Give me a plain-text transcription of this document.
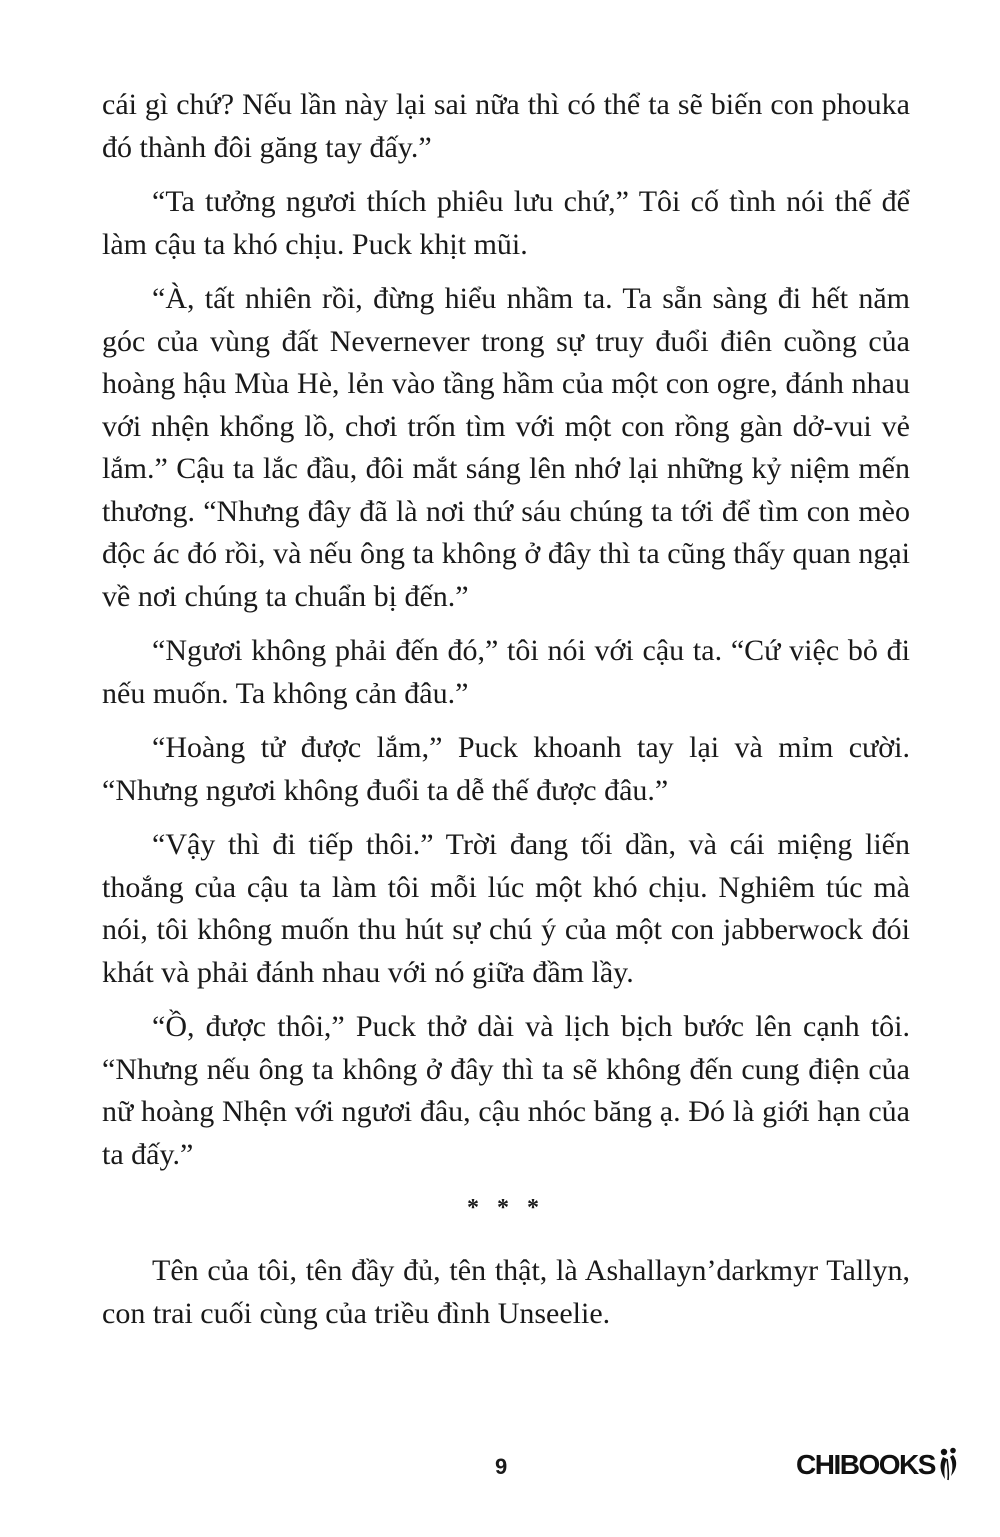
cái gì chứ? Nếu lần này lại sai nữa thì có thể ta sẽ biến con phouka đó thành đôi găng tay đấy.”

“Ta tưởng ngươi thích phiêu lưu chứ,” Tôi cố tình nói thế để làm cậu ta khó chịu. Puck khịt mũi.

“À, tất nhiên rồi, đừng hiểu nhầm ta. Ta sẵn sàng đi hết năm góc của vùng đất Nevernever trong sự truy đuổi điên cuồng của hoàng hậu Mùa Hè, lẻn vào tầng hầm của một con ogre, đánh nhau với nhện khổng lồ, chơi trốn tìm với một con rồng gàn dở-vui vẻ lắm.” Cậu ta lắc đầu, đôi mắt sáng lên nhớ lại những kỷ niệm mến thương. “Nhưng đây đã là nơi thứ sáu chúng ta tới để tìm con mèo độc ác đó rồi, và nếu ông ta không ở đây thì ta cũng thấy quan ngại về nơi chúng ta chuẩn bị đến.”

“Ngươi không phải đến đó,” tôi nói với cậu ta. “Cứ việc bỏ đi nếu muốn. Ta không cản đâu.”

“Hoàng tử được lắm,” Puck khoanh tay lại và mỉm cười. “Nhưng ngươi không đuổi ta dễ thế được đâu.”

“Vậy thì đi tiếp thôi.” Trời đang tối dần, và cái miệng liến thoắng của cậu ta làm tôi mỗi lúc một khó chịu. Nghiêm túc mà nói, tôi không muốn thu hút sự chú ý của một con jabberwock đói khát và phải đánh nhau với nó giữa đầm lầy.

“Ồ, được thôi,” Puck thở dài và lịch bịch bước lên cạnh tôi. “Nhưng nếu ông ta không ở đây thì ta sẽ không đến cung điện của nữ hoàng Nhện với ngươi đâu, cậu nhóc băng ạ. Đó là giới hạn của ta đấy.”

* * *

Tên của tôi, tên đầy đủ, tên thật, là Ashallayn’darkmyr Tallyn, con trai cuối cùng của triều đình Unseelie.

9	CHIBOOKS
